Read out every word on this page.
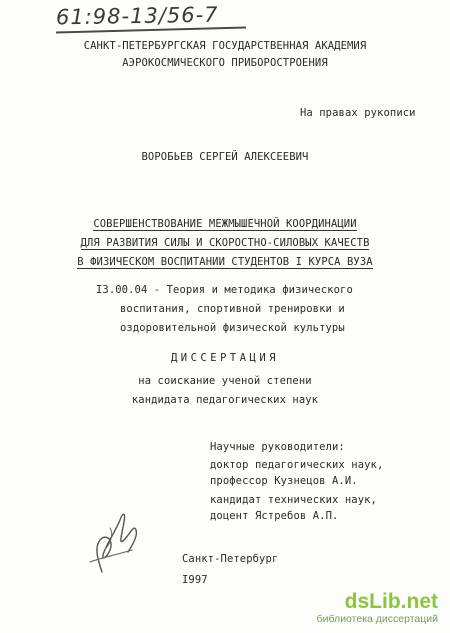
61:98-13/56-7
САНКТ-ПЕТЕРБУРГСКАЯ ГОСУДАРСТВЕННАЯ АКАДЕМИЯ
АЭРОКОСМИЧЕСКОГО ПРИБОРОСТРОЕНИЯ
На правах рукописи
ВОРОБЬЕВ СЕРГЕЙ АЛЕКСЕЕВИЧ
СОВЕРШЕНСТВОВАНИЕ МЕЖМЫШЕЧНОЙ КООРДИНАЦИИ
ДЛЯ РАЗВИТИЯ СИЛЫ И СКОРОСТНО-СИЛОВЫХ КАЧЕСТВ
В ФИЗИЧЕСКОМ ВОСПИТАНИИ СТУДЕНТОВ I КУРСА ВУЗА
I3.00.04 - Теория и методика физического
воспитания, спортивной тренировки и
оздоровительной физической культуры
ДИССЕРТАЦИЯ
на соискание ученой степени
кандидата педагогических наук
Научные руководители:
доктор педагогических наук,
профессор Кузнецов А.И.
кандидат технических наук,
доцент Ястребов А.П.
Санкт-Петербург
I997
dsLib.net
библиотека диссертаций
